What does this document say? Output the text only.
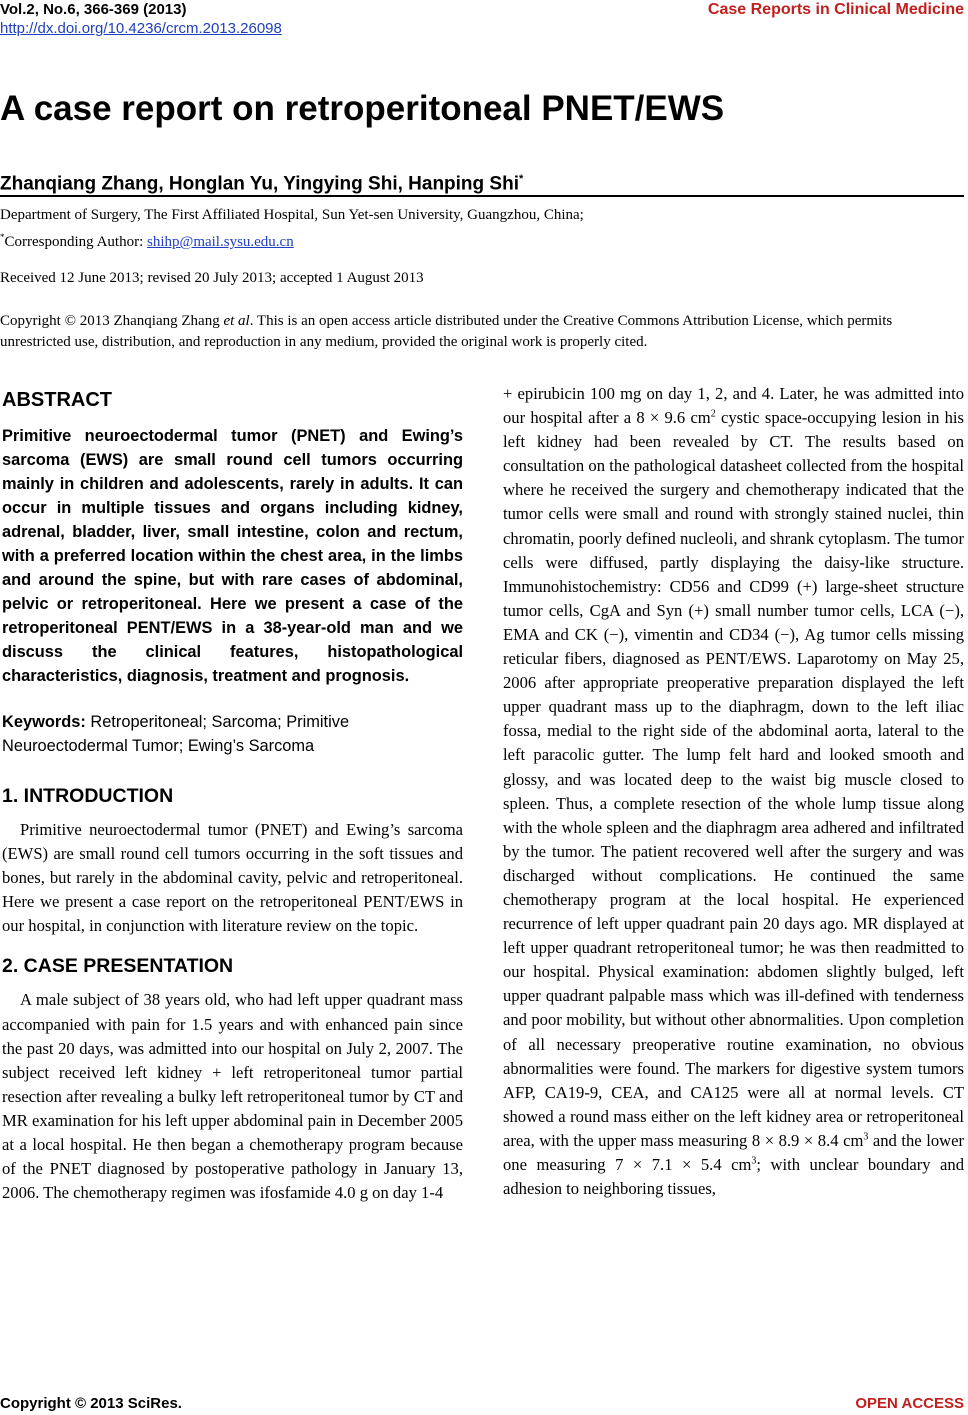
Vol.2, No.6, 366-369 (2013)
http://dx.doi.org/10.4236/crcm.2013.26098
Case Reports in Clinical Medicine
A case report on retroperitoneal PNET/EWS
Zhanqiang Zhang, Honglan Yu, Yingying Shi, Hanping Shi*
Department of Surgery, The First Affiliated Hospital, Sun Yet-sen University, Guangzhou, China;
*Corresponding Author: shihp@mail.sysu.edu.cn
Received 12 June 2013; revised 20 July 2013; accepted 1 August 2013
Copyright © 2013 Zhanqiang Zhang et al. This is an open access article distributed under the Creative Commons Attribution License, which permits unrestricted use, distribution, and reproduction in any medium, provided the original work is properly cited.
ABSTRACT

Primitive neuroectodermal tumor (PNET) and Ewing’s sarcoma (EWS) are small round cell tumors occurring mainly in children and adolescents, rarely in adults. It can occur in multiple tissues and organs including kidney, adrenal, bladder, liver, small intestine, colon and rectum, with a preferred location within the chest area, in the limbs and around the spine, but with rare cases of abdominal, pelvic or retroperitoneal. Here we present a case of the retroperitoneal PENT/EWS in a 38-year-old man and we discuss the clinical features, histopathological characteristics, diagnosis, treatment and prognosis.

Keywords: Retroperitoneal; Sarcoma; Primitive Neuroectodermal Tumor; Ewing’s Sarcoma

1. INTRODUCTION

Primitive neuroectodermal tumor (PNET) and Ewing’s sarcoma (EWS) are small round cell tumors occurring in the soft tissues and bones, but rarely in the abdominal cavity, pelvic and retroperitoneal. Here we present a case report on the retroperitoneal PENT/EWS in our hospital, in conjunction with literature review on the topic.

2. CASE PRESENTATION

A male subject of 38 years old, who had left upper quadrant mass accompanied with pain for 1.5 years and with enhanced pain since the past 20 days, was admitted into our hospital on July 2, 2007. The subject received left kidney + left retroperitoneal tumor partial resection after revealing a bulky left retroperitoneal tumor by CT and MR examination for his left upper abdominal pain in December 2005 at a local hospital. He then began a chemotherapy program because of the PNET diagnosed by postoperative pathology in January 13, 2006. The chemotherapy regimen was ifosfamide 4.0 g on day 1-4

+ epirubicin 100 mg on day 1, 2, and 4. Later, he was admitted into our hospital after a 8 × 9.6 $cm^2$ cystic space-occupying lesion in his left kidney had been revealed by CT. The results based on consultation on the pathological datasheet collected from the hospital where he received the surgery and chemotherapy indicated that the tumor cells were small and round with strongly stained nuclei, thin chromatin, poorly defined nucleoli, and shrank cytoplasm. The tumor cells were diffused, partly displaying the daisy-like structure. Immunohistochemistry: CD56 and CD99 (+) large-sheet structure tumor cells, CgA and Syn (+) small number tumor cells, LCA (−), EMA and CK (−), vimentin and CD34 (−), Ag tumor cells missing reticular fibers, diagnosed as PENT/EWS. Laparotomy on May 25, 2006 after appropriate preoperative preparation displayed the left upper quadrant mass up to the diaphragm, down to the left iliac fossa, medial to the right side of the abdominal aorta, lateral to the left paracolic gutter. The lump felt hard and looked smooth and glossy, and was located deep to the waist big muscle closed to spleen. Thus, a complete resection of the whole lump tissue along with the whole spleen and the diaphragm area adhered and infiltrated by the tumor. The patient recovered well after the surgery and was discharged without complications. He continued the same chemotherapy program at the local hospital. He experienced recurrence of left upper quadrant pain 20 days ago. MR displayed at left upper quadrant retroperitoneal tumor; he was then readmitted to our hospital. Physical examination: abdomen slightly bulged, left upper quadrant palpable mass which was ill-defined with tenderness and poor mobility, but without other abnormalities. Upon completion of all necessary preoperative routine examination, no obvious abnormalities were found. The markers for digestive system tumors AFP, CA19-9, CEA, and CA125 were all at normal levels. CT showed a round mass either on the left kidney area or retroperitoneal area, with the upper mass measuring 8 × 8.9 × 8.4 $cm^3$ and the lower one measuring 7 × 7.1 × 5.4 $cm^3$; with unclear boundary and adhesion to neighboring tissues,

Copyright © 2013 SciRes.	OPEN ACCESS
